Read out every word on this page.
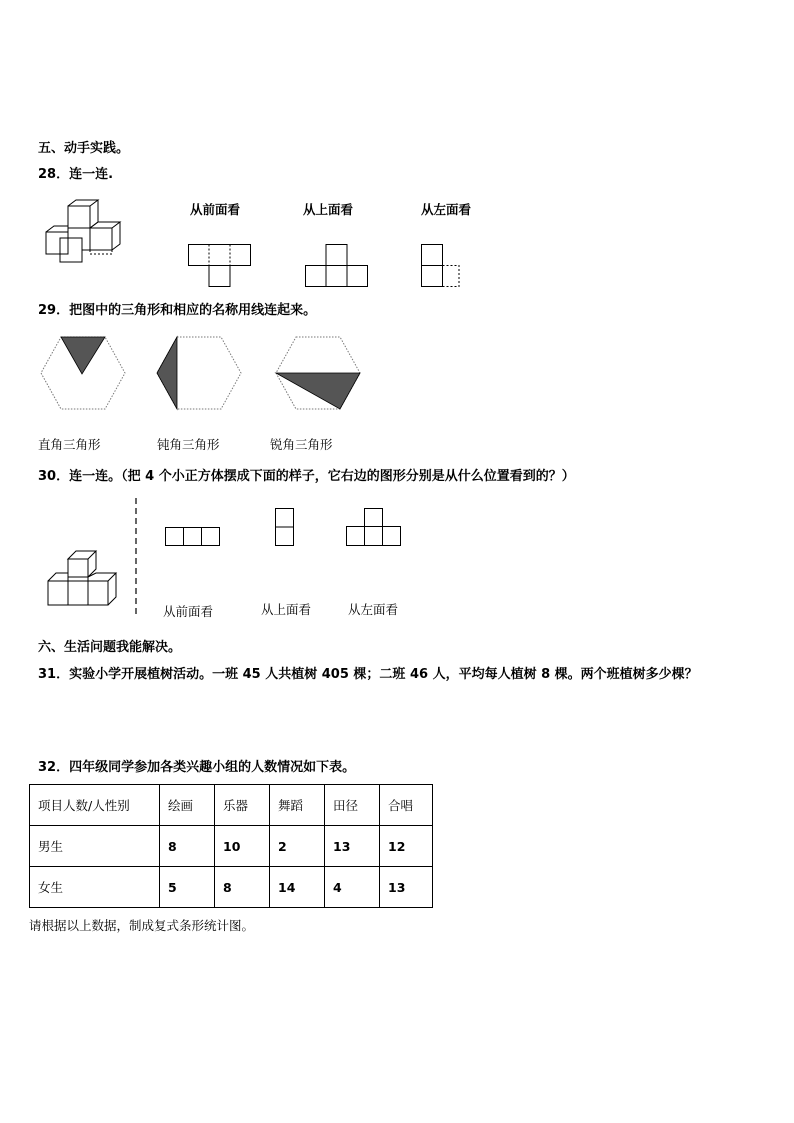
五、动手实践。
28．连一连.
从前面看	从上面看	从左面看
29．把图中的三角形和相应的名称用线连起来。
直角三角形	钝角三角形	锐角三角形
30．连一连。（把 4 个小正方体摆成下面的样子，它右边的图形分别是从什么位置看到的？）
从前面看	从上面看	从左面看
六、生活问题我能解决。
31．实验小学开展植树活动。一班 45 人共植树 405 棵；二班 46 人，平均每人植树 8 棵。两个班植树多少棵？
32．四年级同学参加各类兴趣小组的人数情况如下表。
项目人数/人性别	绘画	乐器	舞蹈	田径	合唱
男生	8	10	2	13	12
女生	5	8	14	4	13
请根据以上数据，制成复式条形统计图。
